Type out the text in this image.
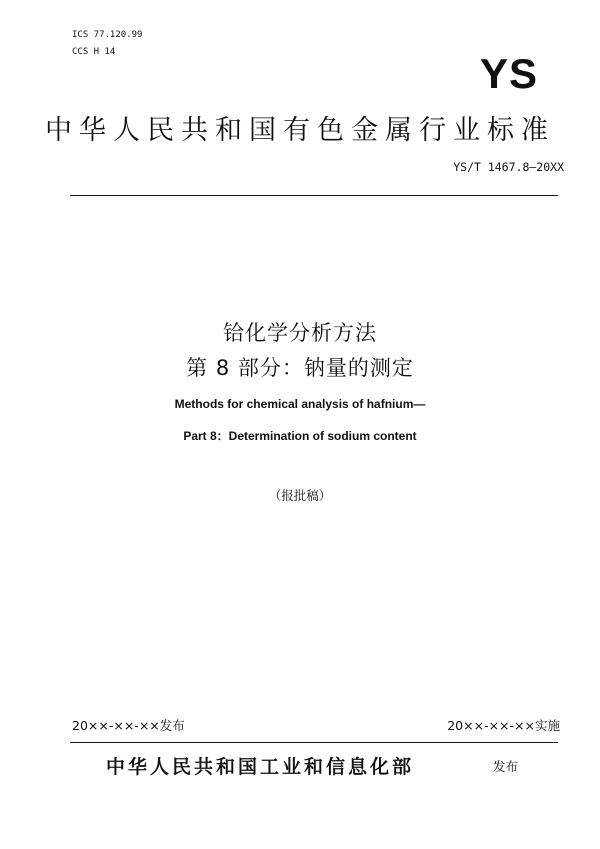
ICS 77.120.99
CCS H 14	YS
中华人民共和国有色金属行业标准
YS/T 1467.8—20XX
铪化学分析方法
第 8 部分：钠量的测定
Methods for chemical analysis of hafnium—
Part 8：Determination of sodium content
（报批稿）
20××-××-××发布	20××-××-××实施
中华人民共和国工业和信息化部	发布
